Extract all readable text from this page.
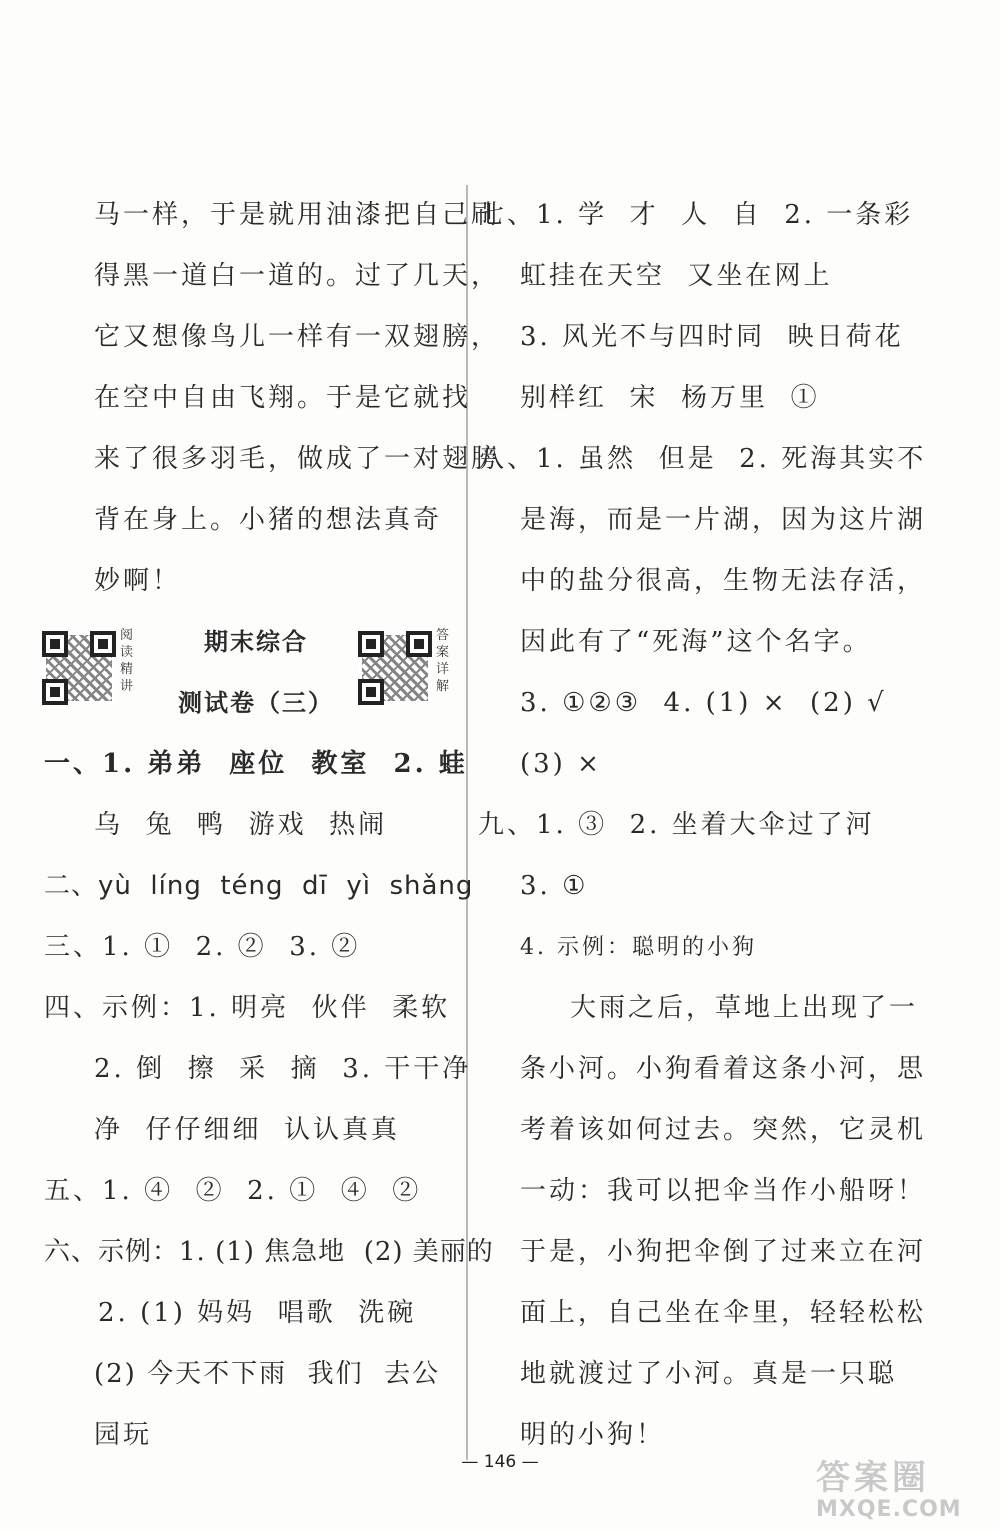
马一样，于是就用油漆把自己刷
得黑一道白一道的。过了几天，
它又想像鸟儿一样有一双翅膀，
在空中自由飞翔。于是它就找
来了很多羽毛，做成了一对翅膀
背在身上。小猪的想法真奇
妙啊！
阅读精讲
期末综合
测试卷（三）
答案详解
一、1. 弟弟  座位  教室  2. 蛙
乌  兔  鸭  游戏  热闹
二、yù  líng  téng  dī  yì  shǎng
三、1. ①  2. ②  3. ②
四、示例：1. 明亮  伙伴  柔软
2. 倒  擦  采  摘  3. 干干净
净  仔仔细细  认认真真
五、1. ④  ②  2. ①  ④  ②
六、示例：1. (1) 焦急地  (2) 美丽的
2. (1) 妈妈  唱歌  洗碗
(2) 今天不下雨  我们  去公
园玩
七、1. 学  才  人  自  2. 一条彩
虹挂在天空  又坐在网上
3. 风光不与四时同  映日荷花
别样红  宋  杨万里  ①
八、1. 虽然  但是  2. 死海其实不
是海，而是一片湖，因为这片湖
中的盐分很高，生物无法存活，
因此有了“死海”这个名字。
3. ①②③  4. (1) ×  (2) √
(3) ×
九、1. ③  2. 坐着大伞过了河
3. ①
4. 示例：聪明的小狗
大雨之后，草地上出现了一
条小河。小狗看着这条小河，思
考着该如何过去。突然，它灵机
一动：我可以把伞当作小船呀！
于是，小狗把伞倒了过来立在河
面上，自己坐在伞里，轻轻松松
地就渡过了小河。真是一只聪
明的小狗！
— 146 —	答案圈
MXQE.COM
